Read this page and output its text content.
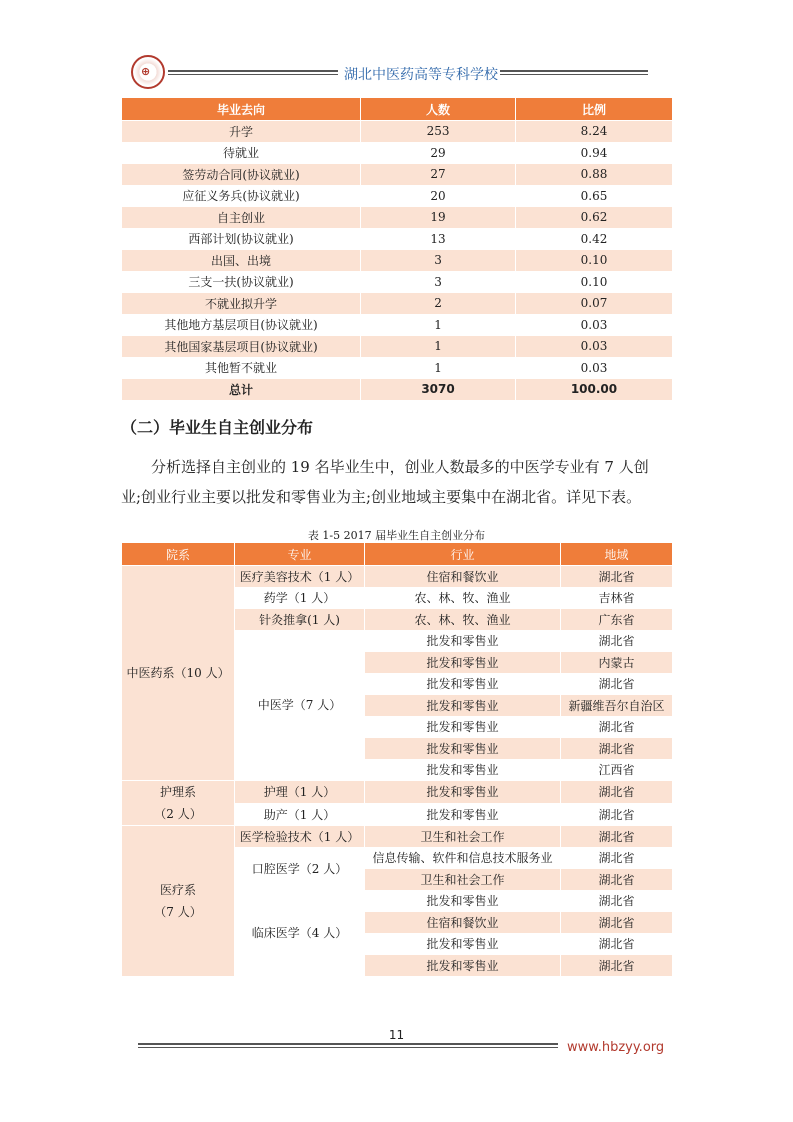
⊕	湖北中医药高等专科学校
毕业去向	人数	比例
升学	253	8.24
待就业	29	0.94
签劳动合同(协议就业)	27	0.88
应征义务兵(协议就业)	20	0.65
自主创业	19	0.62
西部计划(协议就业)	13	0.42
出国、出境	3	0.10
三支一扶(协议就业)	3	0.10
不就业拟升学	2	0.07
其他地方基层项目(协议就业)	1	0.03
其他国家基层项目(协议就业)	1	0.03
其他暂不就业	1	0.03
总计	3070	100.00
（二）毕业生自主创业分布

分析选择自主创业的 19 名毕业生中，创业人数最多的中医学专业有 7 人创

业;创业行业主要以批发和零售业为主;创业地域主要集中在湖北省。详见下表。

表 1-5 2017 届毕业生自主创业分布
院系	专业	行业	地域
中医药系（10 人）	医疗美容技术（1 人）	住宿和餐饮业	湖北省
	药学（1 人）	农、林、牧、渔业	吉林省
	针灸推拿(1 人)	农、林、牧、渔业	广东省
	中医学（7 人）	批发和零售业	湖北省
		批发和零售业	内蒙古
		批发和零售业	湖北省
		批发和零售业	新疆维吾尔自治区
		批发和零售业	湖北省
		批发和零售业	湖北省
		批发和零售业	江西省

护理系
（2 人）	护理（1 人）	批发和零售业	湖北省
	助产（1 人）	批发和零售业	湖北省

医疗系
（7 人）	医学检验技术（1 人）	卫生和社会工作	湖北省
	口腔医学（2 人）	信息传输、软件和信息技术服务业	湖北省
		卫生和社会工作	湖北省
	临床医学（4 人）	批发和零售业	湖北省
		住宿和餐饮业	湖北省
		批发和零售业	湖北省
		批发和零售业	湖北省
11
www.hbzyy.org
